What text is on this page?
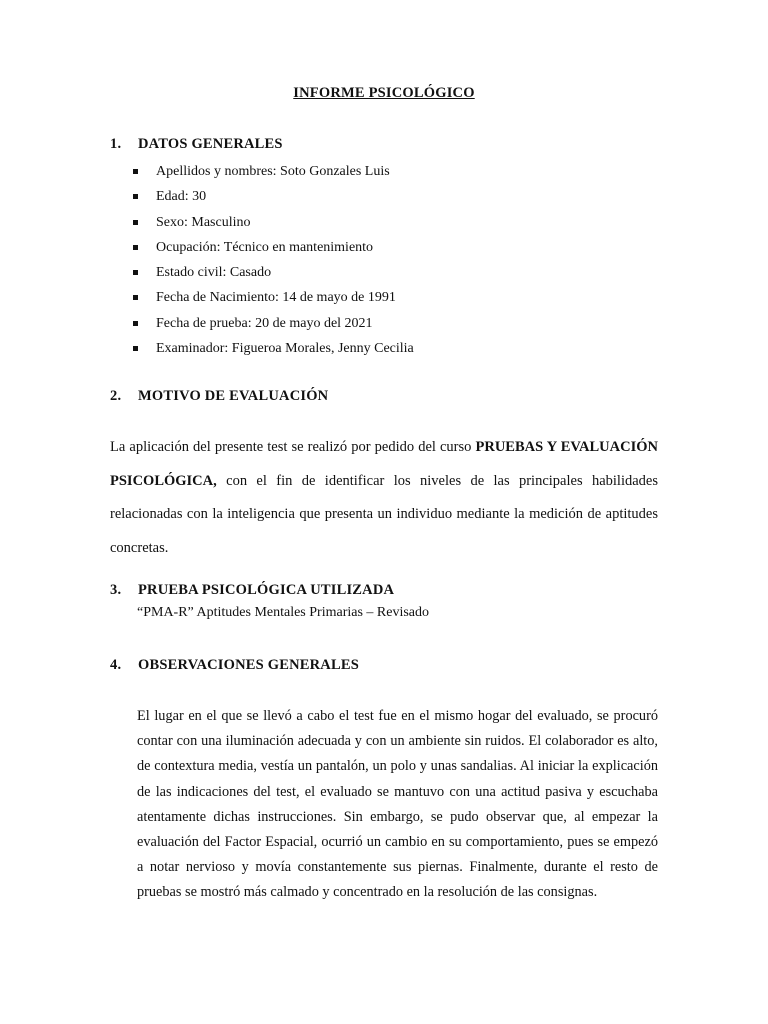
INFORME PSICOLÓGICO
1. DATOS GENERALES
Apellidos y nombres: Soto Gonzales Luis
Edad: 30
Sexo: Masculino
Ocupación: Técnico en mantenimiento
Estado civil: Casado
Fecha de Nacimiento: 14 de mayo de 1991
Fecha de prueba: 20 de mayo del 2021
Examinador: Figueroa Morales, Jenny Cecilia
2. MOTIVO DE EVALUACIÓN
La aplicación del presente test se realizó por pedido del curso PRUEBAS Y EVALUACIÓN PSICOLÓGICA, con el fin de identificar los niveles de las principales habilidades relacionadas con la inteligencia que presenta un individuo mediante la medición de aptitudes concretas.
3. PRUEBA PSICOLÓGICA UTILIZADA
“PMA-R” Aptitudes Mentales Primarias – Revisado
4. OBSERVACIONES GENERALES
El lugar en el que se llevó a cabo el test fue en el mismo hogar del evaluado, se procuró contar con una iluminación adecuada y con un ambiente sin ruidos. El colaborador es alto, de contextura media, vestía un pantalón, un polo y unas sandalias. Al iniciar la explicación de las indicaciones del test, el evaluado se mantuvo con una actitud pasiva y escuchaba atentamente dichas instrucciones. Sin embargo, se pudo observar que, al empezar la evaluación del Factor Espacial, ocurrió un cambio en su comportamiento, pues se empezó a notar nervioso y movía constantemente sus piernas. Finalmente, durante el resto de pruebas se mostró más calmado y concentrado en la resolución de las consignas.
